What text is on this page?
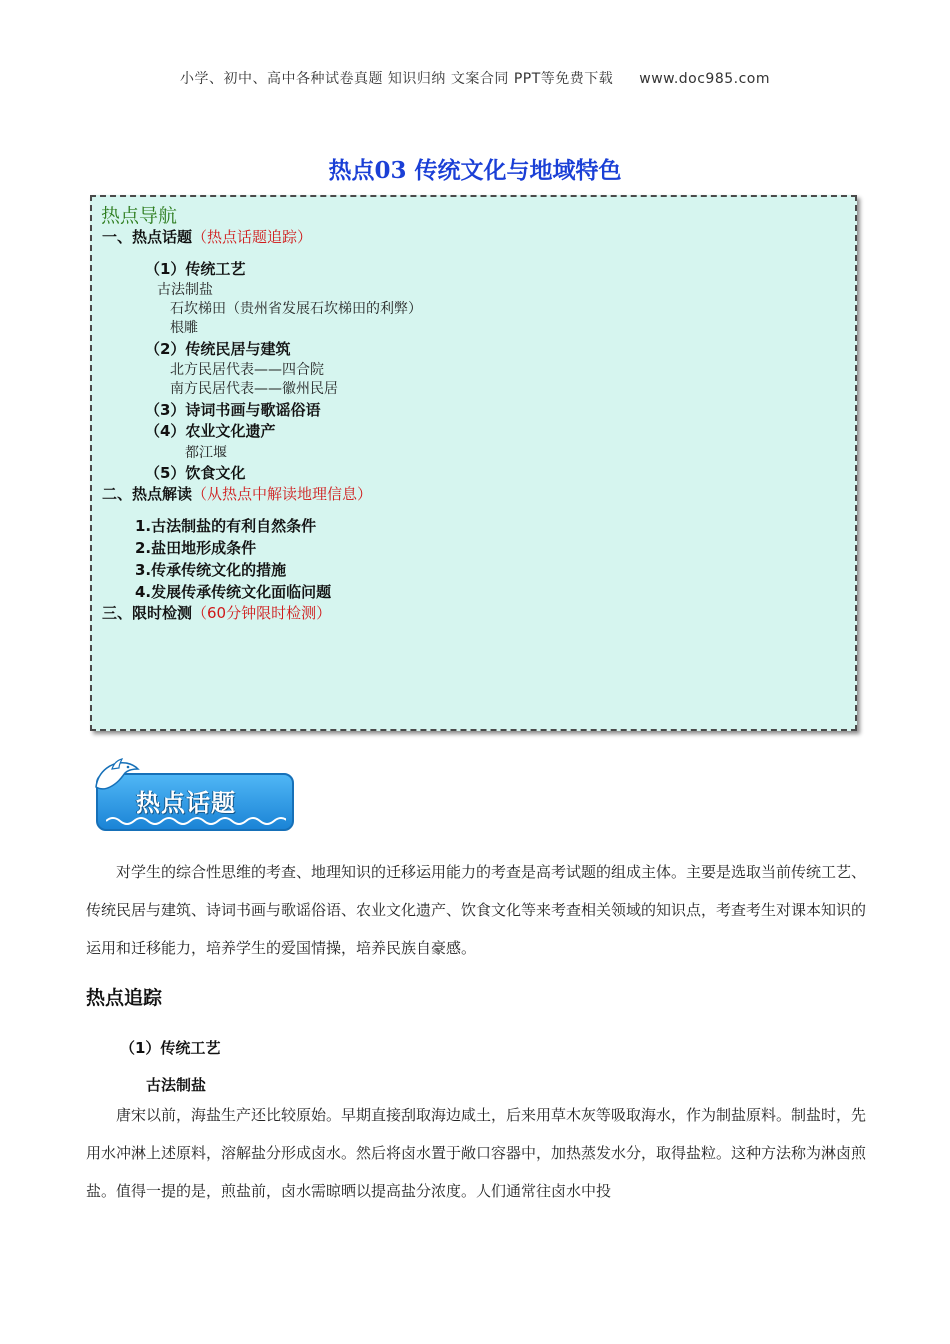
小学、初中、高中各种试卷真题 知识归纳 文案合同 PPT等免费下载 www.doc985.com
热点03 传统文化与地域特色
热点导航
一、热点话题（热点话题追踪）
（1）传统工艺
古法制盐
石坎梯田（贵州省发展石坎梯田的利弊）
根雕
（2）传统民居与建筑
北方民居代表——四合院
南方民居代表——徽州民居
（3）诗词书画与歌谣俗语
（4）农业文化遗产
都江堰
（5）饮食文化
二、热点解读（从热点中解读地理信息）
1.古法制盐的有利自然条件
2.盐田地形成条件
3.传承传统文化的措施
4.发展传承传统文化面临问题
三、限时检测（60分钟限时检测）
热点话题
对学生的综合性思维的考查、地理知识的迁移运用能力的考查是高考试题的组成主体。主要是选取当前传统工艺、传统民居与建筑、诗词书画与歌谣俗语、农业文化遗产、饮食文化等来考查相关领域的知识点，考查考生对课本知识的运用和迁移能力，培养学生的爱国情操，培养民族自豪感。
热点追踪
（1）传统工艺
古法制盐
唐宋以前，海盐生产还比较原始。早期直接刮取海边咸土，后来用草木灰等吸取海水，作为制盐原料。制盐时，先用水冲淋上述原料，溶解盐分形成卤水。然后将卤水置于敞口容器中，加热蒸发水分，取得盐粒。这种方法称为淋卤煎盐。值得一提的是，煎盐前，卤水需晾晒以提高盐分浓度。人们通常往卤水中投
